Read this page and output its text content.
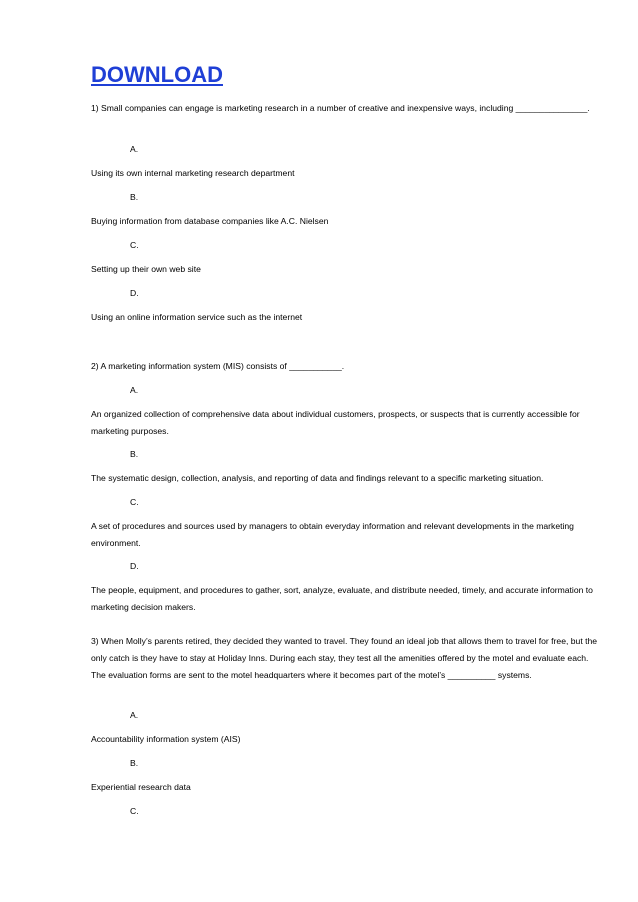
DOWNLOAD

1) Small companies can engage is marketing research in a number of creative and inexpensive ways, including _______________.

A.

Using its own internal marketing research department

B.

Buying information from database companies like A.C. Nielsen

C.

Setting up their own web site

D.

Using an online information service such as the internet

2) A marketing information system (MIS) consists of ___________.

A.

An organized collection of comprehensive data about individual customers, prospects, or suspects that is currently accessible for marketing purposes.

B.

The systematic design, collection, analysis, and reporting of data and findings relevant to a specific marketing situation.

C.

A set of procedures and sources used by managers to obtain everyday information and relevant developments in the marketing environment.

D.

The people, equipment, and procedures to gather, sort, analyze, evaluate, and distribute needed, timely, and accurate information to marketing decision makers.

3) When Molly’s parents retired, they decided they wanted to travel. They found an ideal job that allows them to travel for free, but the only catch is they have to stay at Holiday Inns. During each stay, they test all the amenities offered by the motel and evaluate each. The evaluation forms are sent to the motel headquarters where it becomes part of the motel’s __________ systems.

A.

Accountability information system (AIS)

B.

Experiential research data

C.
